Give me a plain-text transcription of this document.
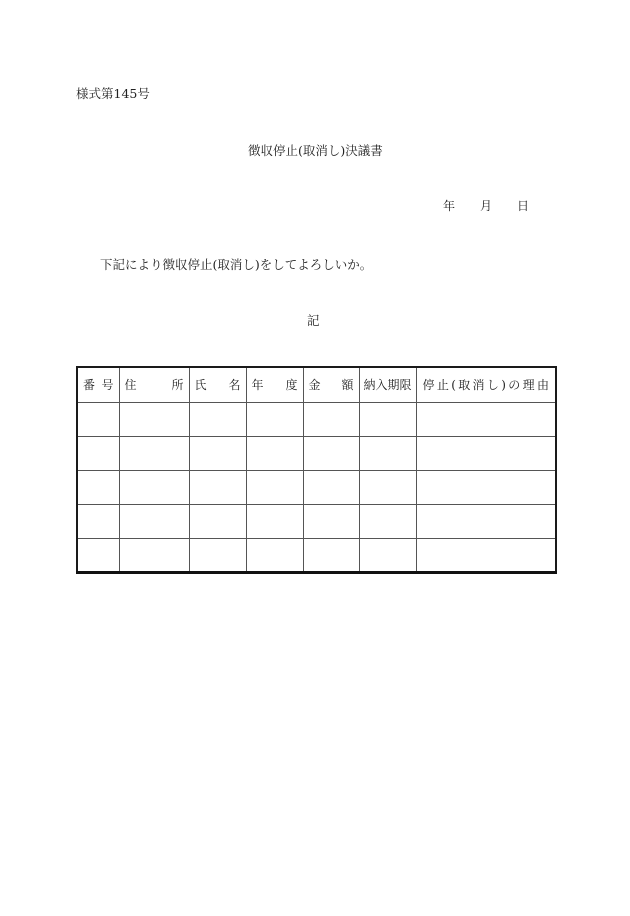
様式第145号
徴収停止(取消し)決議書
年	月	日
下記により徴収停止(取消し)をしてよろしいか。
記
番 号	住	所	氏 名	年 度	金 額	納入期限	停 止 ( 取 消 し ) の 理 由
